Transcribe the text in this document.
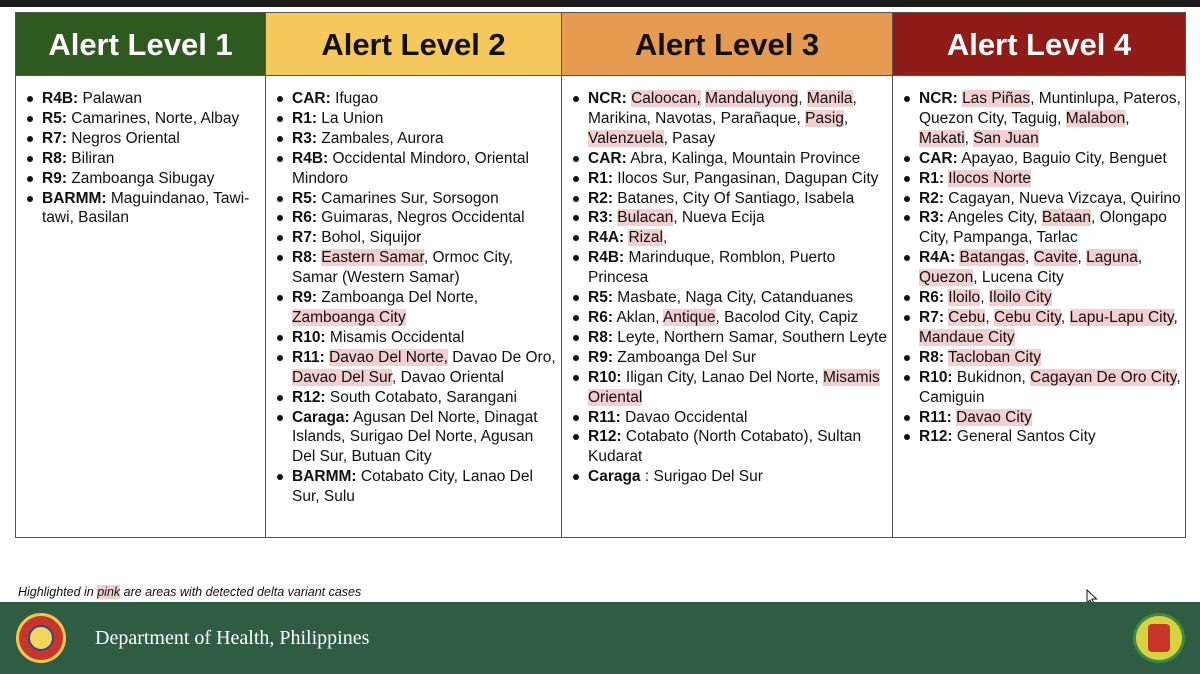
Alert Level 1
R4B: Palawan
R5: Camarines, Norte, Albay
R7: Negros Oriental
R8: Biliran
R9: Zamboanga Sibugay
BARMM: Maguindanao, Tawi-tawi, Basilan
Alert Level 2
CAR: Ifugao
R1: La Union
R3: Zambales, Aurora
R4B: Occidental Mindoro, Oriental Mindoro
R5: Camarines Sur, Sorsogon
R6: Guimaras, Negros Occidental
R7: Bohol, Siquijor
R8: Eastern Samar, Ormoc City, Samar (Western Samar)
R9: Zamboanga Del Norte, Zamboanga City
R10: Misamis Occidental
R11: Davao Del Norte, Davao De Oro, Davao Del Sur, Davao Oriental
R12: South Cotabato, Sarangani
Caraga: Agusan Del Norte, Dinagat Islands, Surigao Del Norte, Agusan Del Sur, Butuan City
BARMM: Cotabato City, Lanao Del Sur, Sulu
Alert Level 3
NCR: Caloocan, Mandaluyong, Manila, Marikina, Navotas, Parañaque, Pasig, Valenzuela, Pasay
CAR: Abra, Kalinga, Mountain Province
R1: Ilocos Sur, Pangasinan, Dagupan City
R2: Batanes, City Of Santiago, Isabela
R3: Bulacan, Nueva Ecija
R4A: Rizal,
R4B: Marinduque, Romblon, Puerto Princesa
R5: Masbate, Naga City, Catanduanes
R6: Aklan, Antique, Bacolod City, Capiz
R8: Leyte, Northern Samar, Southern Leyte
R9: Zamboanga Del Sur
R10: Iligan City, Lanao Del Norte, Misamis Oriental
R11: Davao Occidental
R12: Cotabato (North Cotabato), Sultan Kudarat
Caraga : Surigao Del Sur
Alert Level 4
NCR: Las Piñas, Muntinlupa, Pateros, Quezon City, Taguig, Malabon, Makati, San Juan
CAR: Apayao, Baguio City, Benguet
R1: Ilocos Norte
R2: Cagayan, Nueva Vizcaya, Quirino
R3: Angeles City, Bataan, Olongapo City, Pampanga, Tarlac
R4A: Batangas, Cavite, Laguna, Quezon, Lucena City
R6: Iloilo, Iloilo City
R7: Cebu, Cebu City, Lapu-Lapu City, Mandaue City
R8: Tacloban City
R10: Bukidnon, Cagayan De Oro City, Camiguin
R11: Davao City
R12: General Santos City
Highlighted in pink are areas with detected delta variant cases
Department of Health, Philippines
